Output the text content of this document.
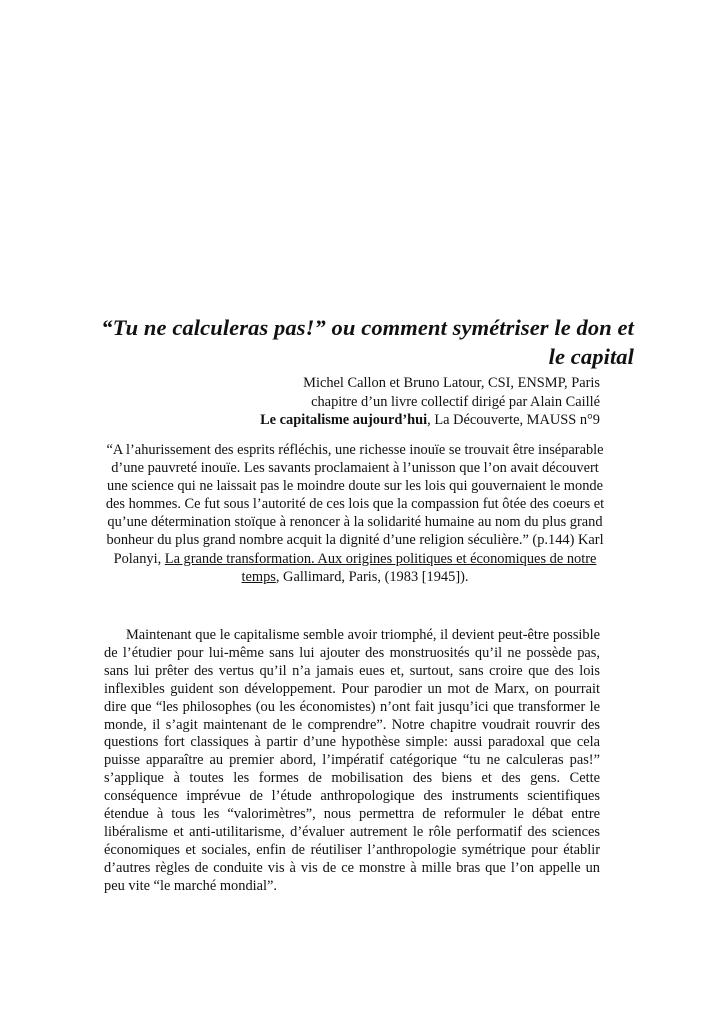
“Tu ne calculeras pas!” ou comment symétriser le don et le capital
Michel Callon et Bruno Latour, CSI, ENSMP, Paris
chapitre d’un livre collectif dirigé par Alain Caillé
Le capitalisme aujourd’hui, La Découverte, MAUSS n°9
“A l’ahurissement des esprits réfléchis, une richesse inouïe se trouvait être inséparable d’une pauvreté inouïe. Les savants proclamaient à l’unisson que l’on avait découvert une science qui ne laissait pas le moindre doute sur les lois qui gouvernaient le monde des hommes. Ce fut sous l’autorité de ces lois que la compassion fut ôtée des coeurs et qu’une détermination stoïque à renoncer à la solidarité humaine au nom du plus grand bonheur du plus grand nombre acquit la dignité d’une religion séculière.” (p.144) Karl Polanyi, La grande transformation. Aux origines politiques et économiques de notre temps, Gallimard, Paris, (1983 [1945]).
Maintenant que le capitalisme semble avoir triomphé, il devient peut-être possible de l’étudier pour lui-même sans lui ajouter des monstruosités qu’il ne possède pas, sans lui prêter des vertus qu’il n’a jamais eues et, surtout, sans croire que des lois inflexibles guident son développement. Pour parodier un mot de Marx, on pourrait dire que “les philosophes (ou les économistes) n’ont fait jusqu’ici que transformer le monde, il s’agit maintenant de le comprendre”. Notre chapitre voudrait rouvrir des questions fort classiques à partir d’une hypothèse simple: aussi paradoxal que cela puisse apparaître au premier abord, l’impératif catégorique “tu ne calculeras pas!” s’applique à toutes les formes de mobilisation des biens et des gens. Cette conséquence imprévue de l’étude anthropologique des instruments scientifiques étendue à tous les “valorimètres”, nous permettra de reformuler le débat entre libéralisme et anti-utilitarisme, d’évaluer autrement le rôle performatif des sciences économiques et sociales, enfin de réutiliser l’anthropologie symétrique pour établir d’autres règles de conduite vis à vis de ce monstre à mille bras que l’on appelle un peu vite “le marché mondial”.
